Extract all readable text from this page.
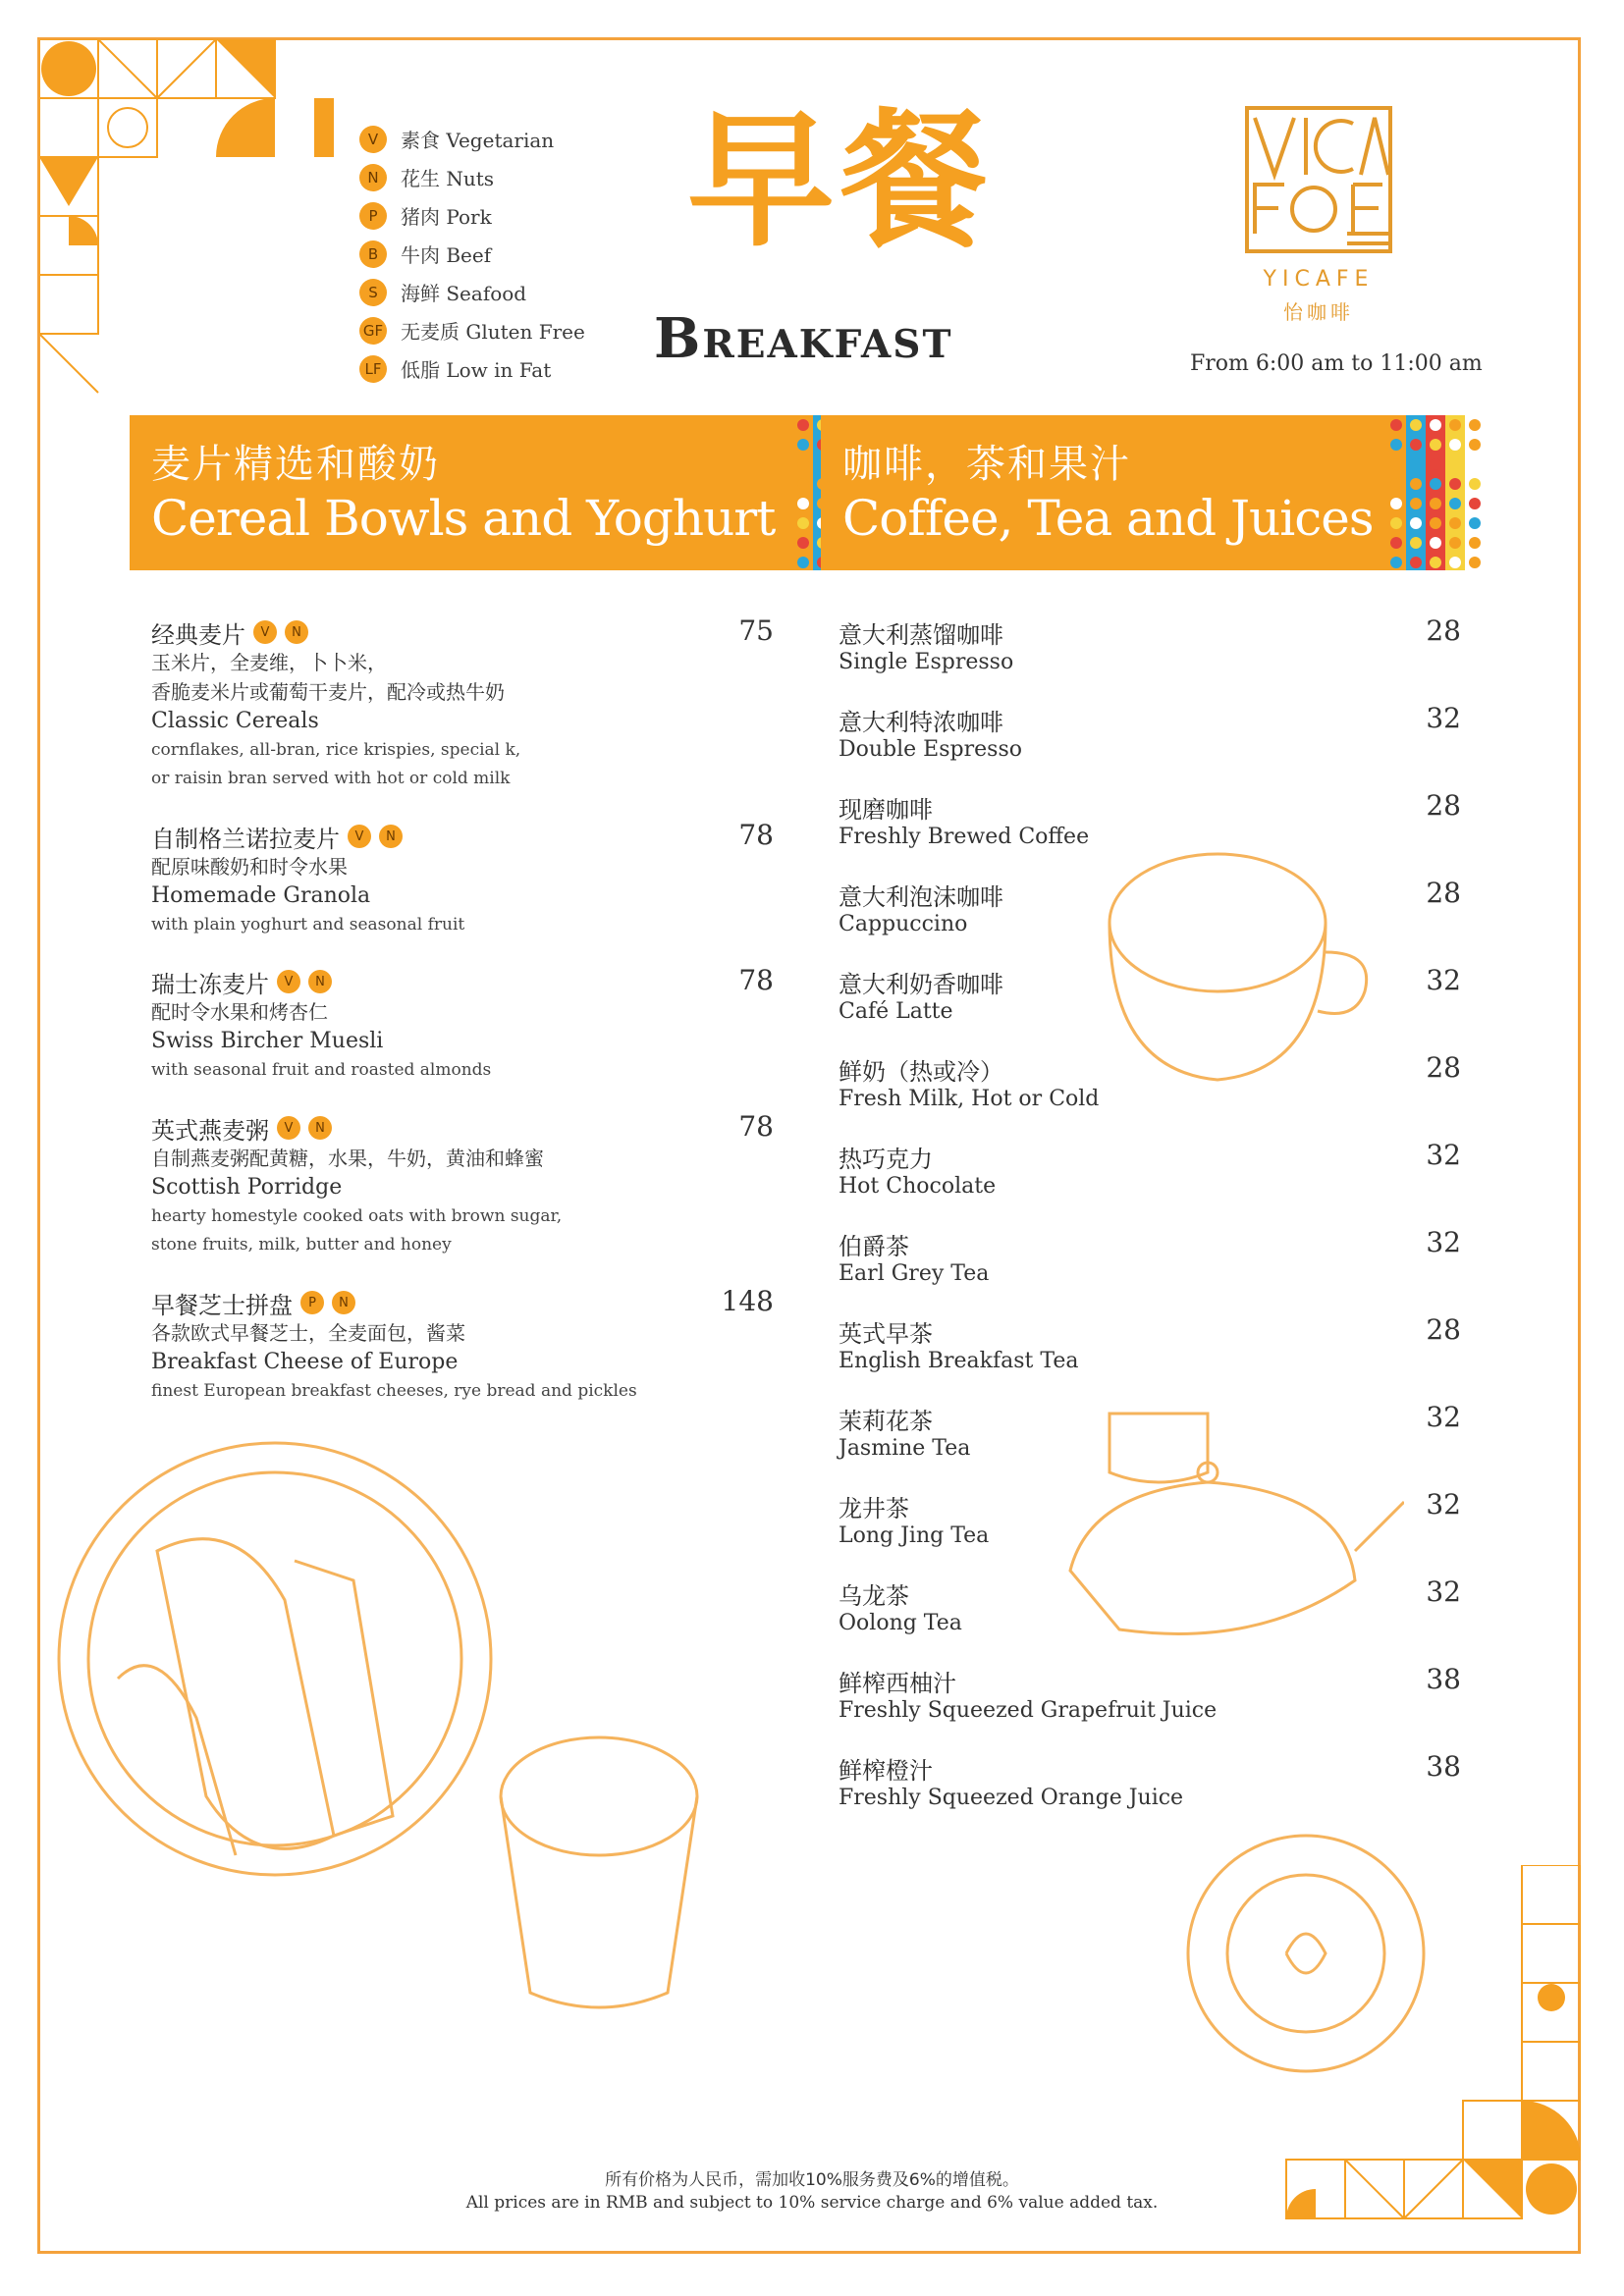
V	素食 Vegetarian
N	花生 Nuts
P	猪肉 Pork
B	牛肉 Beef
S	海鲜 Seafood
GF 无麦质 Gluten Free
LF 低脂 Low in Fat
早餐
Breakfast
YICAFE
怡咖啡
From 6:00 am to 11:00 am
麦片精选和酸奶
Cereal Bowls and Yoghurt
咖啡，茶和果汁
Coffee, Tea and Juices
经典麦片	V	N
玉米片，全麦维，卜卜米，
香脆麦米片或葡萄干麦片，配冷或热牛奶
Classic Cereals
cornflakes, all-bran, rice krispies, special k,
or raisin bran served with hot or cold milk
75
自制格兰诺拉麦片	V	N
配原味酸奶和时令水果
Homemade Granola
with plain yoghurt and seasonal fruit
78
瑞士冻麦片	V	N
配时令水果和烤杏仁
Swiss Bircher Muesli
with seasonal fruit and roasted almonds
78
英式燕麦粥	V	N
自制燕麦粥配黄糖，水果，牛奶，黄油和蜂蜜
Scottish Porridge
hearty homestyle cooked oats with brown sugar,
stone fruits, milk, butter and honey
78
早餐芝士拼盘	P	N
各款欧式早餐芝士，全麦面包，酱菜
Breakfast Cheese of Europe
finest European breakfast cheeses, rye bread and pickles
148
意大利蒸馏咖啡
Single Espresso
28
意大利特浓咖啡
Double Espresso
32
现磨咖啡
Freshly Brewed Coffee
28
意大利泡沫咖啡
Cappuccino
28
意大利奶香咖啡
Café Latte
32
鲜奶（热或冷）
Fresh Milk, Hot or Cold
28
热巧克力
Hot Chocolate
32
伯爵茶
Earl Grey Tea
32
英式早茶
English Breakfast Tea
28
茉莉花茶
Jasmine Tea
32
龙井茶
Long Jing Tea
32
乌龙茶
Oolong Tea
32
鲜榨西柚汁
Freshly Squeezed Grapefruit Juice
38
鲜榨橙汁
Freshly Squeezed Orange Juice
38
所有价格为人民币，需加收10%服务费及6%的增值税。
All prices are in RMB and subject to 10% service charge and 6% value added tax.
